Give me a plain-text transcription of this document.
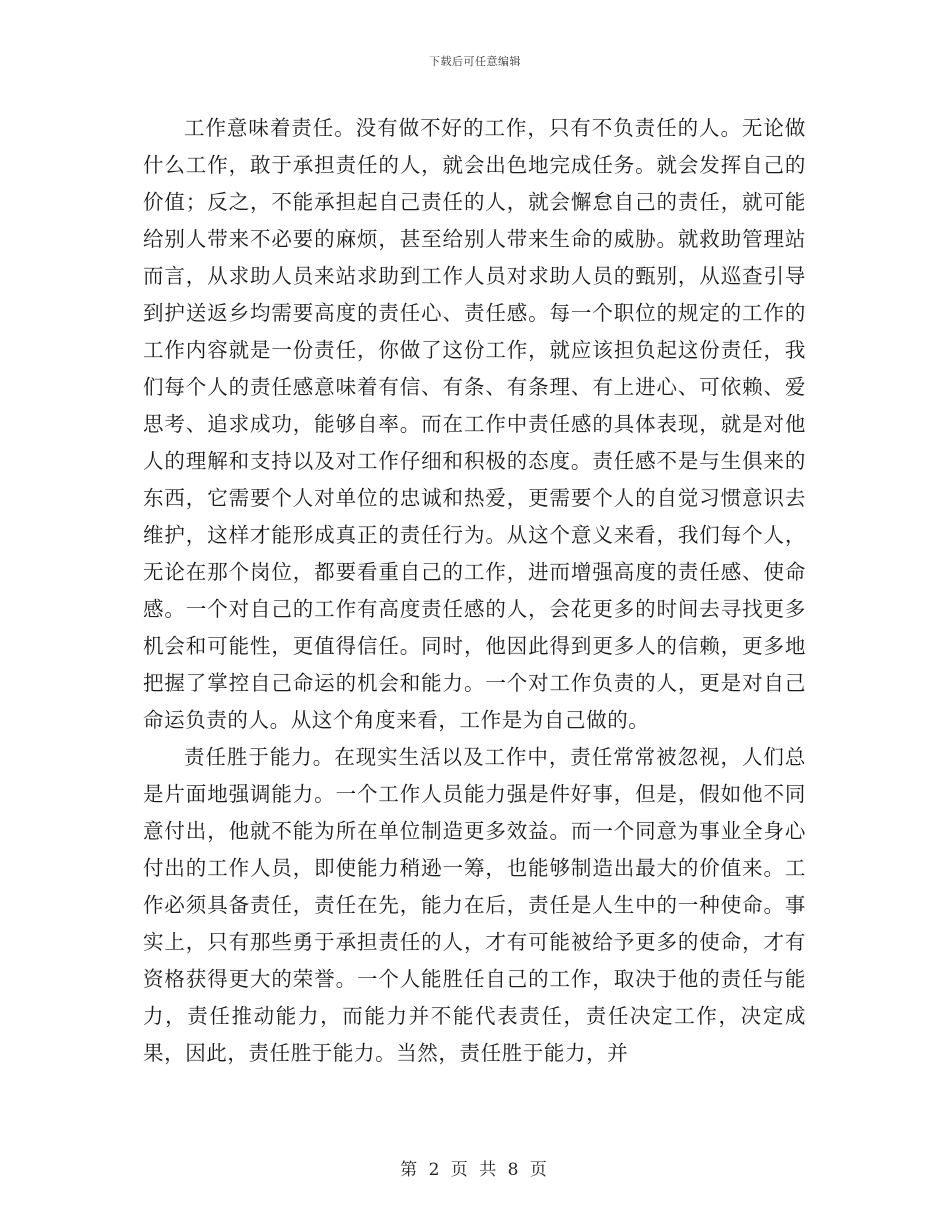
下载后可任意编辑

工作意味着责任。没有做不好的工作，只有不负责任的人。无论做什么工作，敢于承担责任的人，就会出色地完成任务。就会发挥自己的价值；反之，不能承担起自己责任的人，就会懈怠自己的责任，就可能给别人带来不必要的麻烦，甚至给别人带来生命的威胁。就救助管理站而言，从求助人员来站求助到工作人员对求助人员的甄别，从巡查引导到护送返乡均需要高度的责任心、责任感。每一个职位的规定的工作的工作内容就是一份责任，你做了这份工作，就应该担负起这份责任，我们每个人的责任感意味着有信、有条、有条理、有上进心、可依赖、爱思考、追求成功，能够自率。而在工作中责任感的具体表现，就是对他人的理解和支持以及对工作仔细和积极的态度。责任感不是与生俱来的东西，它需要个人对单位的忠诚和热爱，更需要个人的自觉习惯意识去维护，这样才能形成真正的责任行为。从这个意义来看，我们每个人，无论在那个岗位，都要看重自己的工作，进而增强高度的责任感、使命感。一个对自己的工作有高度责任感的人，会花更多的时间去寻找更多机会和可能性，更值得信任。同时，他因此得到更多人的信赖，更多地把握了掌控自己命运的机会和能力。一个对工作负责的人，更是对自己命运负责的人。从这个角度来看，工作是为自己做的。

责任胜于能力。在现实生活以及工作中，责任常常被忽视，人们总是片面地强调能力。一个工作人员能力强是件好事，但是，假如他不同意付出，他就不能为所在单位制造更多效益。而一个同意为事业全身心付出的工作人员，即使能力稍逊一筹，也能够制造出最大的价值来。工作必须具备责任，责任在先，能力在后，责任是人生中的一种使命。事实上，只有那些勇于承担责任的人，才有可能被给予更多的使命，才有资格获得更大的荣誉。一个人能胜任自己的工作，取决于他的责任与能力，责任推动能力，而能力并不能代表责任，责任决定工作，决定成果，因此，责任胜于能力。当然，责任胜于能力，并

第 2 页 共 8 页
